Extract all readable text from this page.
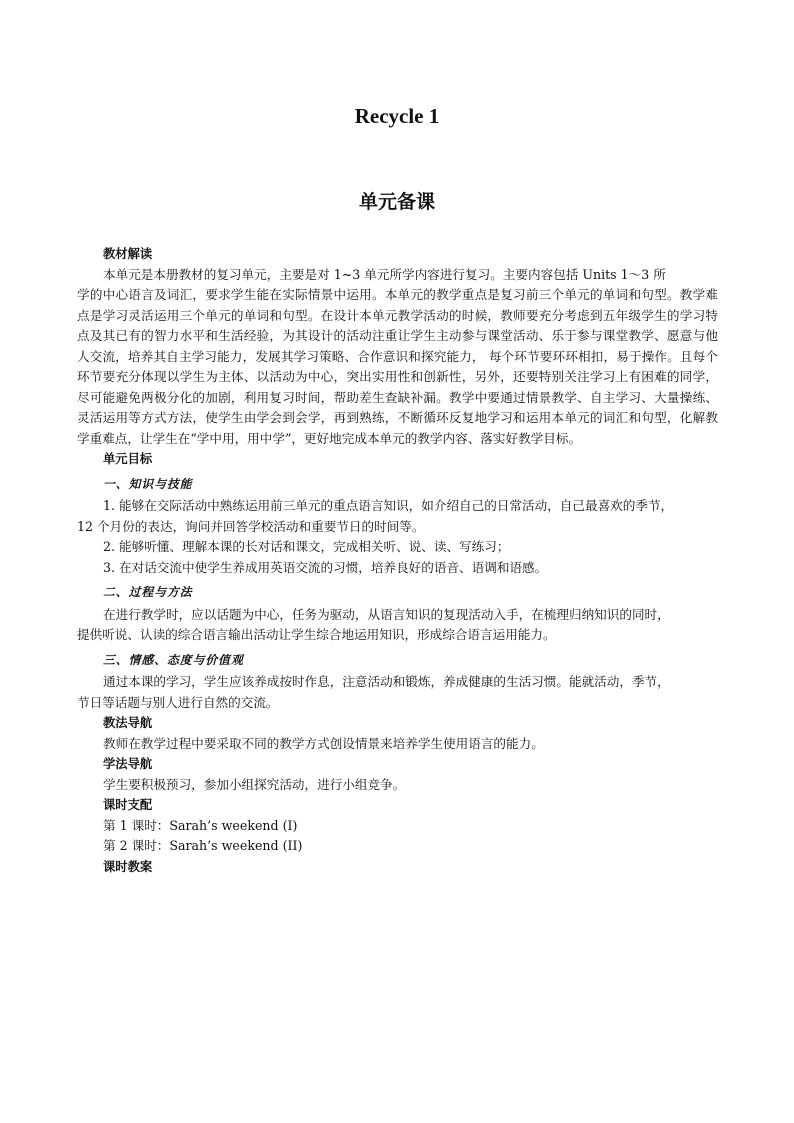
Recycle 1
单元备课

教材解读

本单元是本册教材的复习单元，主要是对 1~3 单元所学内容进行复习。主要内容包括 Units 1～3 所

学的中心语言及词汇，要求学生能在实际情景中运用。本单元的教学重点是复习前三个单元的单词和句型。教学难点是学习灵活运用三个单元的单词和句型。在设计本单元教学活动的时候，教师要充分考虑到五年级学生的学习特点及其已有的智力水平和生活经验，为其设计的活动注重让学生主动参与课堂活动、乐于参与课堂教学、愿意与他人交流，培养其自主学习能力，发展其学习策略、合作意识和探究能力， 每个环节要环环相扣，易于操作。且每个环节要充分体现以学生为主体、以活动为中心，突出实用性和创新性，另外，还要特别关注学习上有困难的同学，尽可能避免两极分化的加剧，利用复习时间，帮助差生查缺补漏。教学中要通过情景教学、自主学习、大量操练、灵活运用等方式方法，使学生由学会到会学，再到熟练，不断循环反复地学习和运用本单元的词汇和句型，化解教学重难点，让学生在“学中用，用中学”，更好地完成本单元的教学内容、落实好教学目标。

单元目标

一、知识与技能

1. 能够在交际活动中熟练运用前三单元的重点语言知识，如介绍自己的日常活动，自己最喜欢的季节，

12 个月份的表达，询问并回答学校活动和重要节日的时间等。

2. 能够听懂、理解本课的长对话和课文，完成相关听、说、读、写练习；

3. 在对话交流中使学生养成用英语交流的习惯，培养良好的语音、语调和语感。

二、过程与方法

在进行教学时，应以话题为中心，任务为驱动，从语言知识的复现活动入手，在梳理归纳知识的同时，

提供听说、认读的综合语言输出活动让学生综合地运用知识，形成综合语言运用能力。

三、情感、态度与价值观

通过本课的学习，学生应该养成按时作息，注意活动和锻炼，养成健康的生活习惯。能就活动，季节，

节日等话题与别人进行自然的交流。

教法导航

教师在教学过程中要采取不同的教学方式创设情景来培养学生使用语言的能力。

学法导航

学生要积极预习，参加小组探究活动，进行小组竞争。

课时支配

第 1 课时：Sarah’s weekend (I)

第 2 课时：Sarah’s weekend (II)

课时教案
